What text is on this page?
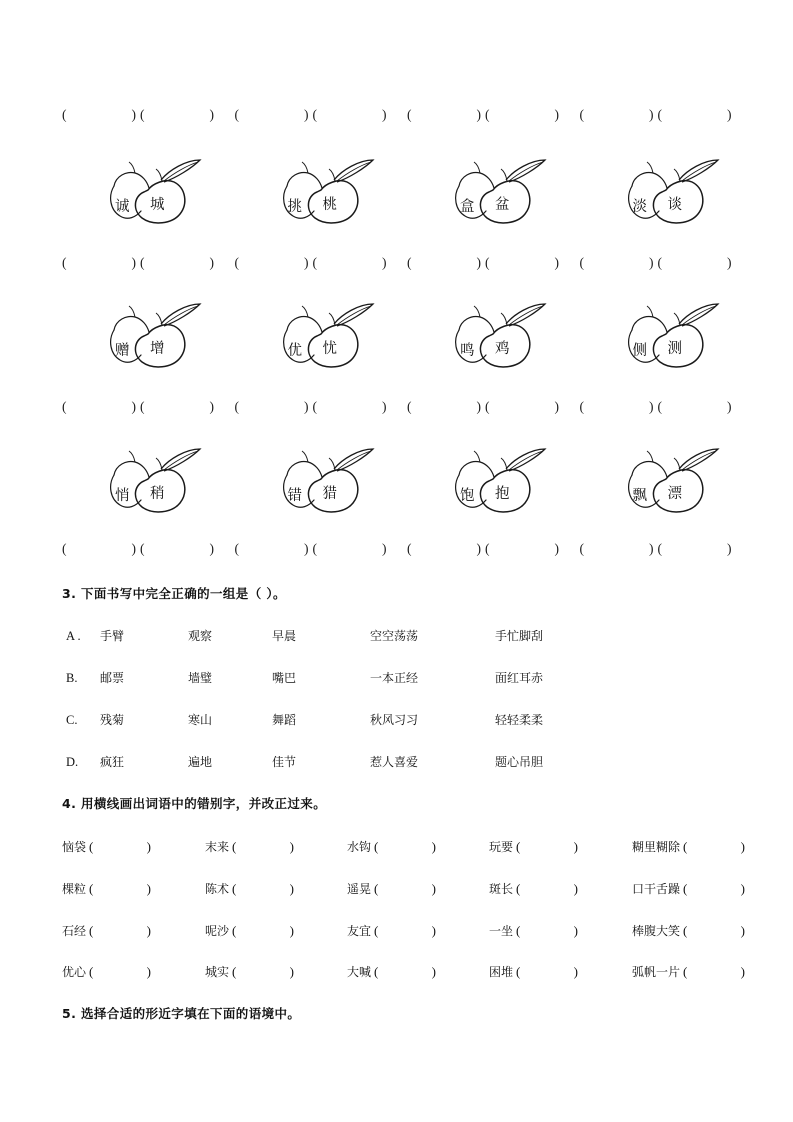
(	) (	) (	) (	) (	) (	) (	) (	)
诚 城	挑 桃	盒 盆	淡 谈
(	) (	) (	) (	) (	) (	) (	) (	)
赠 增	优 忧	鸣 鸡	侧 测
(	) (	) (	) (	) (	) (	) (	) (	)
悄 稍	错 猎	饱 抱	飘 漂
(	) (	) (	) (	) (	) (	) (	) (	)
3. 下面书写中完全正确的一组是（ ）。
A .	手臂	观察	早晨	空空荡荡	手忙脚刮
B.	邮票	墙璧	嘴巴	一本正经	面红耳赤
C.	残菊	寒山	舞蹈	秋风习习	轻轻柔柔
D.	疯狂	遍地	佳节	惹人喜爱	题心吊胆
4. 用横线画出词语中的错别字，并改正过来。
恼袋 (	)	末来 (	)	水钩 (	)	玩要 (	)	糊里糊除 (	)
棵粒 (	)	陈术 (	)	遥晃 (	)	斑长 (	)	口干舌躁 (	)
石经 (	)	呢沙 (	)	友宜 (	)	一坐 (	)	棒腹大笑 (	)
优心 (	)	城实 (	)	大喊 (	)	困堆 (	)	弧帆一片 (	)
5. 选择合适的形近字填在下面的语境中。
